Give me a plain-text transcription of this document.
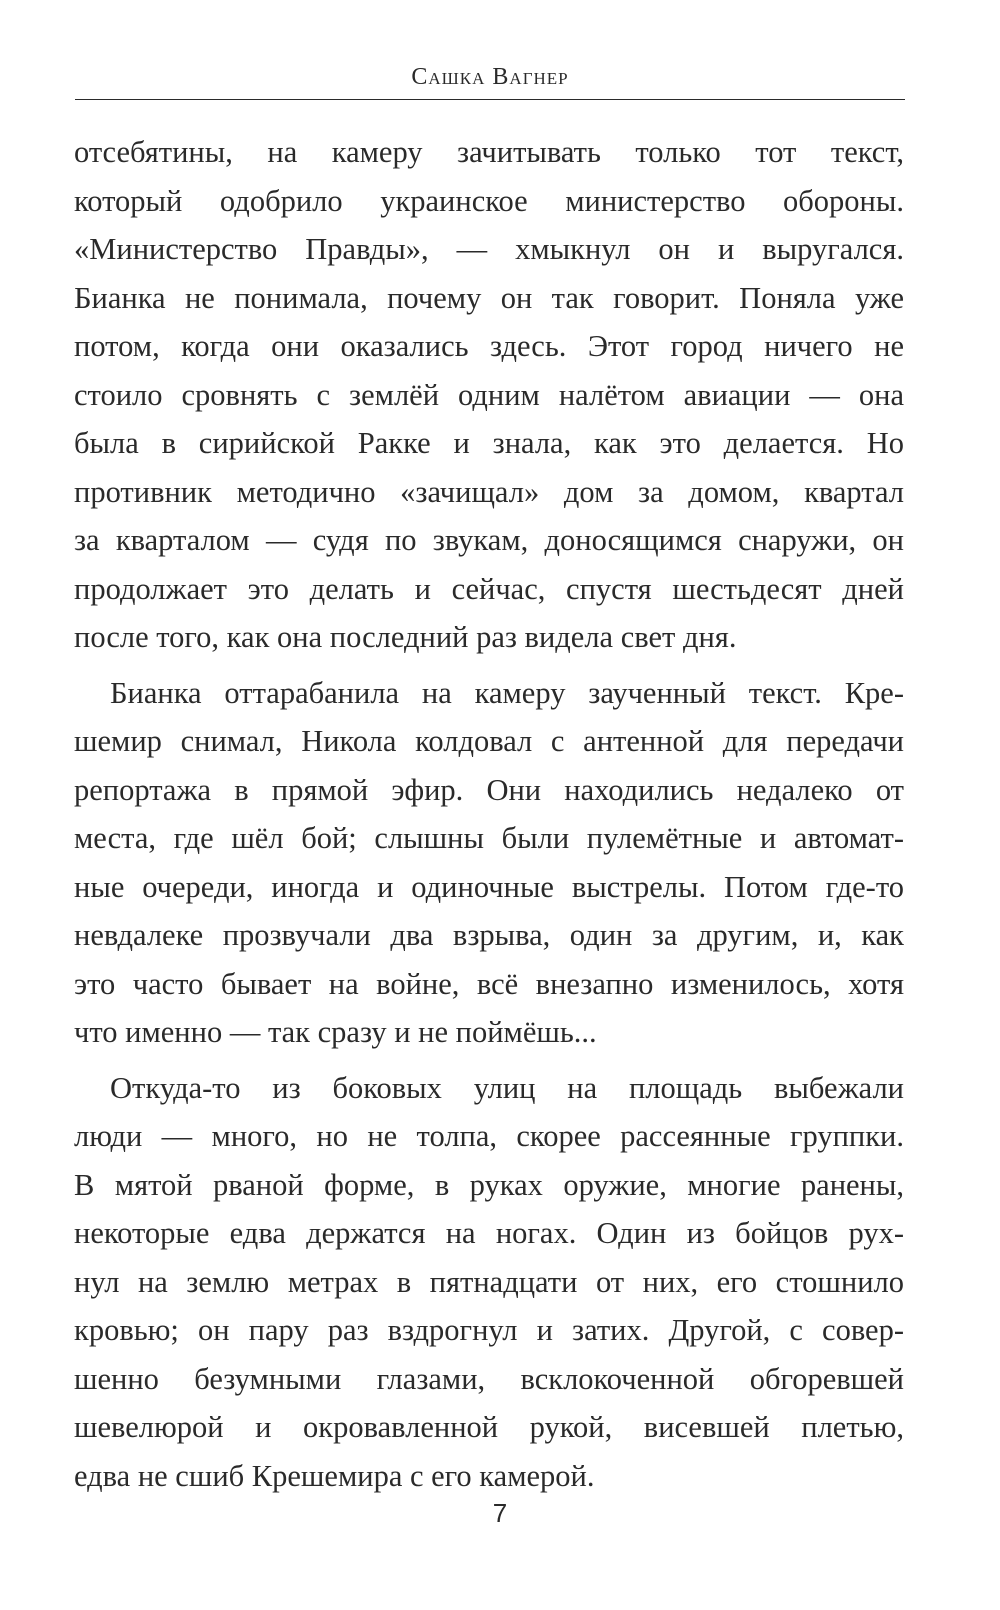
Сашка Вагнер
отсебятины, на камеру зачитывать только тот текст,
который одобрило украинское министерство обороны.
«Министерство Правды», — хмыкнул он и выругался.
Бианка не понимала, почему он так говорит. Поняла уже
потом, когда они оказались здесь. Этот город ничего не
стоило сровнять с землёй одним налётом авиации — она
была в сирийской Ракке и знала, как это делается. Но
противник методично «зачищал» дом за домом, квартал
за кварталом — судя по звукам, доносящимся снаружи, он
продолжает это делать и сейчас, спустя шестьдесят дней
после того, как она последний раз видела свет дня.
Бианка оттарабанила на камеру заученный текст. Кре-
шемир снимал, Никола колдовал с антенной для передачи
репортажа в прямой эфир. Они находились недалеко от
места, где шёл бой; слышны были пулемётные и автомат-
ные очереди, иногда и одиночные выстрелы. Потом где-то
невдалеке прозвучали два взрыва, один за другим, и, как
это часто бывает на войне, всё внезапно изменилось, хотя
что именно — так сразу и не поймёшь...
Откуда-то из боковых улиц на площадь выбежали
люди — много, но не толпа, скорее рассеянные группки.
В мятой рваной форме, в руках оружие, многие ранены,
некоторые едва держатся на ногах. Один из бойцов рух-
нул на землю метрах в пятнадцати от них, его стошнило
кровью; он пару раз вздрогнул и затих. Другой, с совер-
шенно безумными глазами, всклокоченной обгоревшей
шевелюрой и окровавленной рукой, висевшей плетью,
едва не сшиб Крешемира с его камерой.
7
